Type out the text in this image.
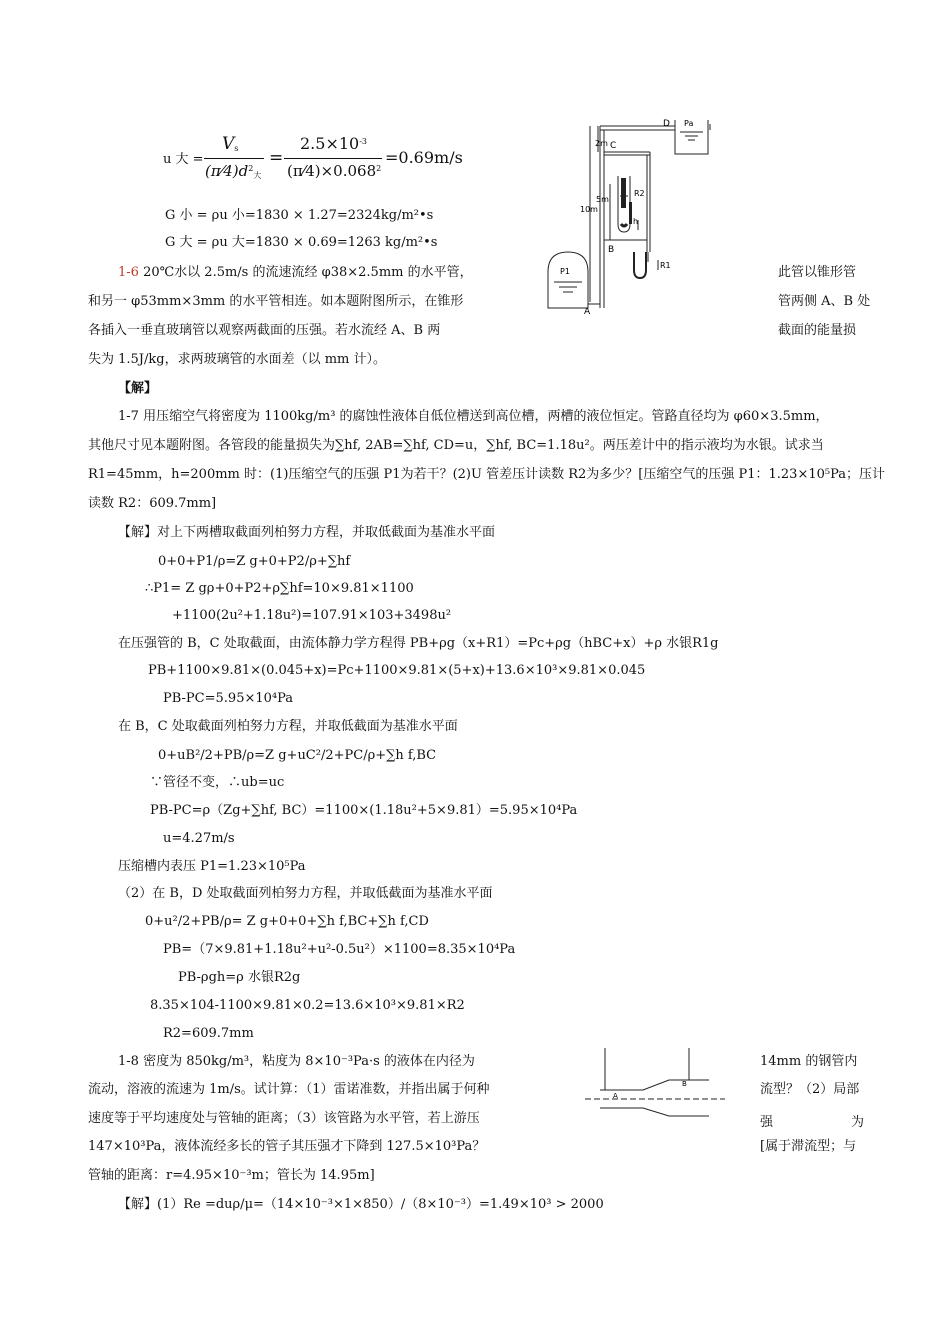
u 大 =
$V_s$
$(\pi⁄4)d^2_大$
=
$2.5\times 10^{-3}$
$(\pi⁄4)\times 0.068^2$
=0.69m/s
G 小 = ρu 小=1830 × 1.27=2324kg/m²•s
G 大 = ρu 大=1830 × 0.69=1263 kg/m²•s
1-6 20℃水以 2.5m/s 的流速流经 φ38×2.5mm 的水平管，	此管以锥形管
和另一 φ53mm×3mm 的水平管相连。如本题附图所示，在锥形	管两侧 A、B 处
各插入一垂直玻璃管以观察两截面的压强。若水流经 A、B 两	截面的能量损
失为 1.5J/kg，求两玻璃管的水面差（以 mm 计）。
【解】
1-7 用压缩空气将密度为 1100kg/m³ 的腐蚀性液体自低位槽送到高位槽，两槽的液位恒定。管路直径均为 φ60×3.5mm，
其他尺寸见本题附图。各管段的能量损失为∑hf, 2AB=∑hf, CD=u，∑hf, BC=1.18u²。两压差计中的指示液均为水银。试求当
R1=45mm，h=200mm 时：(1)压缩空气的压强 P1为若干？(2)U 管差压计读数 R2为多少？[压缩空气的压强 P1：1.23×10⁵Pa；压计
读数 R2：609.7mm]
【解】对上下两槽取截面列柏努力方程，并取低截面为基准水平面
0+0+P1/ρ=Z g+0+P2/ρ+∑hf
∴P1= Z gρ+0+P2+ρ∑hf=10×9.81×1100
+1100(2u²+1.18u²)=107.91×103+3498u²
在压强管的 B，C 处取截面，由流体静力学方程得 PB+ρg（x+R1）=Pc+ρg（hBC+x）+ρ 水银R1g
PB+1100×9.81×(0.045+x)=Pc+1100×9.81×(5+x)+13.6×10³×9.81×0.045
PB-PC=5.95×10⁴Pa
在 B，C 处取截面列柏努力方程，并取低截面为基准水平面
0+uB²/2+PB/ρ=Z g+uC²/2+PC/ρ+∑h f,BC
∵管径不变，∴ub=uc
PB-PC=ρ（Zg+∑hf, BC）=1100×(1.18u²+5×9.81）=5.95×10⁴Pa
u=4.27m/s
压缩槽内表压 P1=1.23×10⁵Pa
（2）在 B，D 处取截面列柏努力方程，并取低截面为基准水平面
0+u²/2+PB/ρ= Z g+0+0+∑h f,BC+∑h f,CD
PB=（7×9.81+1.18u²+u²-0.5u²）×1100=8.35×10⁴Pa
PB-ρgh=ρ 水银R2g
8.35×104-1100×9.81×0.2=13.6×10³×9.81×R2
R2=609.7mm
1-8 密度为 850kg/m³，粘度为 8×10⁻³Pa·s 的液体在内径为	14mm 的钢管内
流动，溶液的流速为 1m/s。试计算：（1）雷诺准数，并指出属于何种	流型？（2）局部
速度等于平均速度处与管轴的距离；（3）该管路为水平管，若上游压	强	为
147×10³Pa，液体流经多长的管子其压强才下降到 127.5×10³Pa？	[属于滞流型；与
管轴的距离：r=4.95×10⁻³m；管长为 14.95m]
【解】(1）Re =duρ/μ=（14×10⁻³×1×850）/（8×10⁻³）=1.49×10³ > 2000
D Pa
C
2m
5m
10m
R2
h
B
R1
P1
A
A
B
